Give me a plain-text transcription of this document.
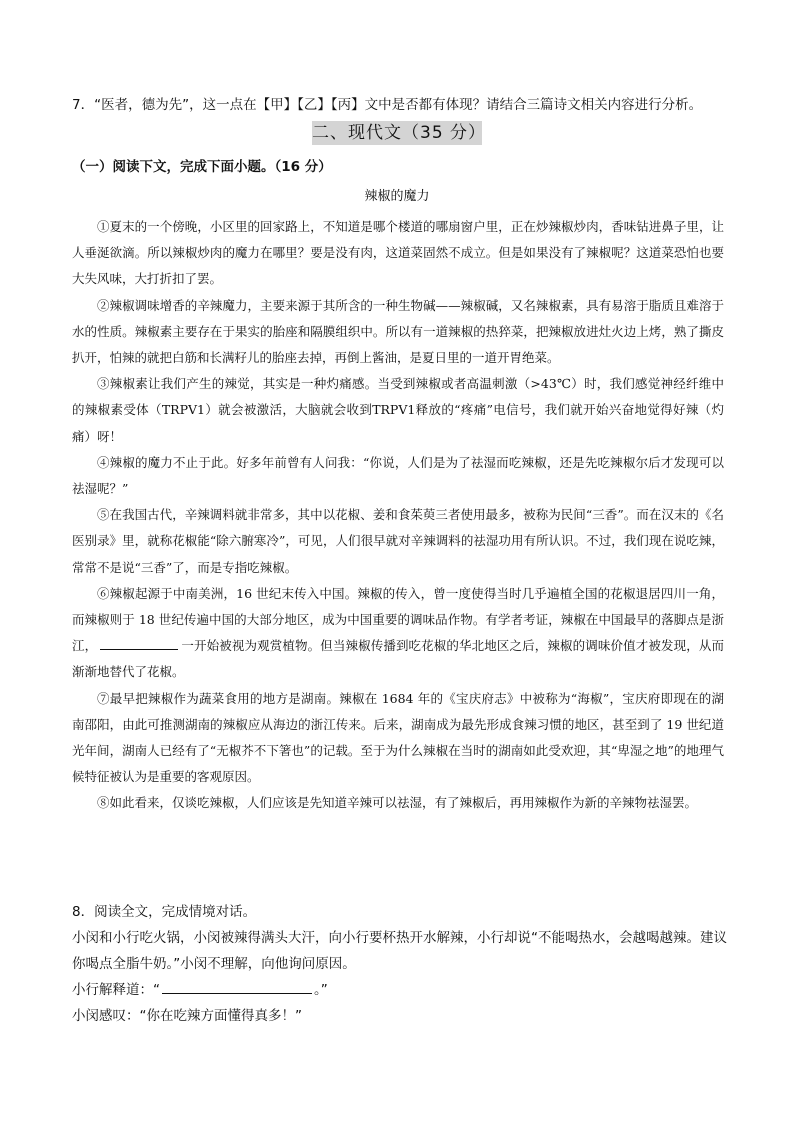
7．“医者，德为先”，这一点在【甲】【乙】【丙】文中是否都有体现？请结合三篇诗文相关内容进行分析。
二、现代文（35 分）
（一）阅读下文，完成下面小题。（16 分）
辣椒的魔力

①夏末的一个傍晚，小区里的回家路上，不知道是哪个楼道的哪扇窗户里，正在炒辣椒炒肉，香味钻进鼻子里，让人垂涎欲滴。所以辣椒炒肉的魔力在哪里？要是没有肉，这道菜固然不成立。但是如果没有了辣椒呢？这道菜恐怕也要大失风味，大打折扣了罢。

②辣椒调味增香的辛辣魔力，主要来源于其所含的一种生物碱——辣椒碱，又名辣椒素，具有易溶于脂质且难溶于水的性质。辣椒素主要存在于果实的胎座和隔膜组织中。所以有一道辣椒的热猝菜，把辣椒放进灶火边上烤，熟了撕皮扒开，怕辣的就把白筋和长满籽儿的胎座去掉，再倒上酱油，是夏日里的一道开胃绝菜。

③辣椒素让我们产生的辣觉，其实是一种灼痛感。当受到辣椒或者高温刺激（>43℃）时，我们感觉神经纤维中的辣椒素受体（TRPV1）就会被激活，大脑就会收到TRPV1释放的“疼痛”电信号，我们就开始兴奋地觉得好辣（灼痛）呀！

④辣椒的魔力不止于此。好多年前曾有人问我：“你说，人们是为了祛湿而吃辣椒，还是先吃辣椒尔后才发现可以祛湿呢？”

⑤在我国古代，辛辣调料就非常多，其中以花椒、姜和食茱萸三者使用最多，被称为民间“三香”。而在汉末的《名医别录》里，就称花椒能“除六腑寒冷”，可见，人们很早就对辛辣调料的祛湿功用有所认识。不过，我们现在说吃辣，常常不是说“三香”了，而是专指吃辣椒。

⑥辣椒起源于中南美洲，16 世纪末传入中国。辣椒的传入，曾一度使得当时几乎遍植全国的花椒退居四川一角，而辣椒则于 18 世纪传遍中国的大部分地区，成为中国重要的调味品作物。有学者考证，辣椒在中国最早的落脚点是浙江，	一开始被视为观赏植物。但当辣椒传播到吃花椒的华北地区之后，辣椒的调味价值才被发现，从而渐渐地替代了花椒。

⑦最早把辣椒作为蔬菜食用的地方是湖南。辣椒在 1684 年的《宝庆府志》中被称为“海椒”，宝庆府即现在的湖南邵阳，由此可推测湖南的辣椒应从海边的浙江传来。后来，湖南成为最先形成食辣习惯的地区，甚至到了 19 世纪道光年间，湖南人已经有了“无椒芥不下箸也”的记载。至于为什么辣椒在当时的湖南如此受欢迎，其“卑湿之地”的地理气候特征被认为是重要的客观原因。

⑧如此看来，仅谈吃辣椒，人们应该是先知道辛辣可以祛湿，有了辣椒后，再用辣椒作为新的辛辣物祛湿罢。

8．阅读全文，完成情境对话。

小闵和小行吃火锅，小闵被辣得满头大汗，向小行要杯热开水解辣，小行却说“不能喝热水，会越喝越辣。建议你喝点全脂牛奶。”小闵不理解，向他询问原因。

小行解释道：“	。”

小闵感叹：“你在吃辣方面懂得真多！”
